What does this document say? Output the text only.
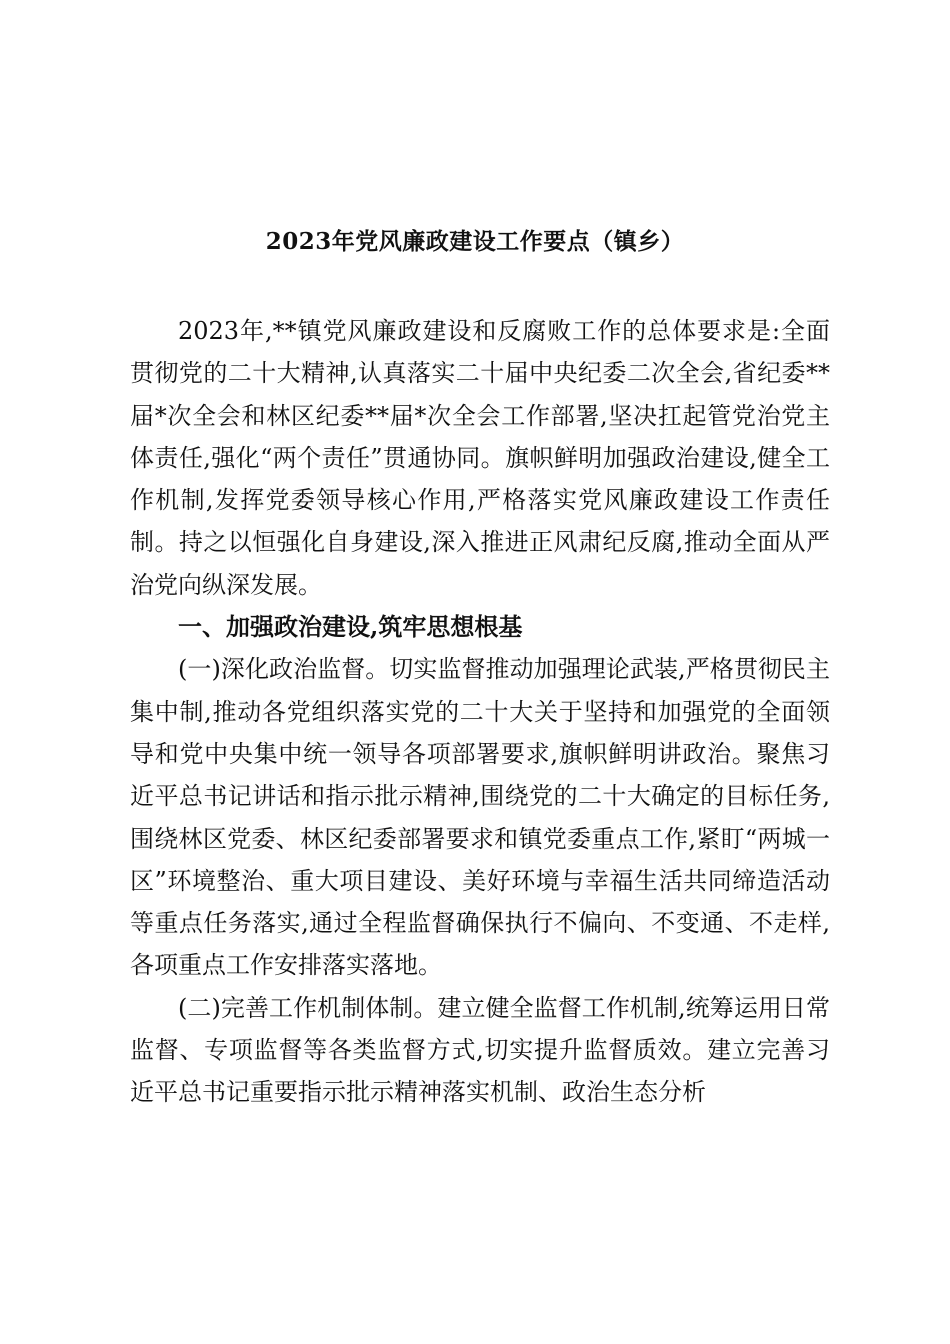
2023年党风廉政建设工作要点（镇乡）

2023年,**镇党风廉政建设和反腐败工作的总体要求是:全面贯彻党的二十大精神,认真落实二十届中央纪委二次全会,省纪委**届*次全会和林区纪委**届*次全会工作部署,坚决扛起管党治党主体责任,强化“两个责任”贯通协同。旗帜鲜明加强政治建设,健全工作机制,发挥党委领导核心作用,严格落实党风廉政建设工作责任制。持之以恒强化自身建设,深入推进正风肃纪反腐,推动全面从严治党向纵深发展。

一、加强政治建设,筑牢思想根基

(一)深化政治监督。切实监督推动加强理论武装,严格贯彻民主集中制,推动各党组织落实党的二十大关于坚持和加强党的全面领导和党中央集中统一领导各项部署要求,旗帜鲜明讲政治。聚焦习近平总书记讲话和指示批示精神,围绕党的二十大确定的目标任务,围绕林区党委、林区纪委部署要求和镇党委重点工作,紧盯“两城一区”环境整治、重大项目建设、美好环境与幸福生活共同缔造活动等重点任务落实,通过全程监督确保执行不偏向、不变通、不走样,各项重点工作安排落实落地。

(二)完善工作机制体制。建立健全监督工作机制,统筹运用日常监督、专项监督等各类监督方式,切实提升监督质效。建立完善习近平总书记重要指示批示精神落实机制、政治生态分析
